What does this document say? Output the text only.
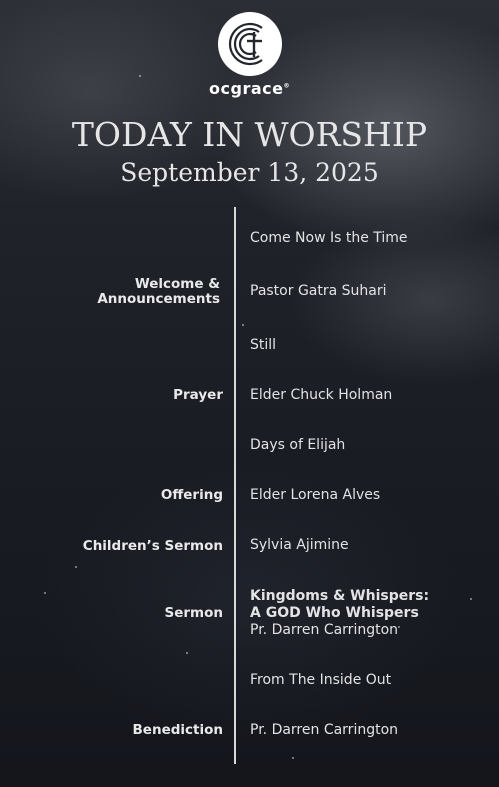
ocgrace®
TODAY IN WORSHIP
September 13, 2025
Welcome &
Announcements
Prayer
Offering
Children’s Sermon
Sermon
Benediction
Come Now Is the Time
Pastor Gatra Suhari
Still
Elder Chuck Holman
Days of Elijah
Elder Lorena Alves
Sylvia Ajimine
Kingdoms & Whispers:
A GOD Who Whispers
Pr. Darren Carrington
From The Inside Out
Pr. Darren Carrington
